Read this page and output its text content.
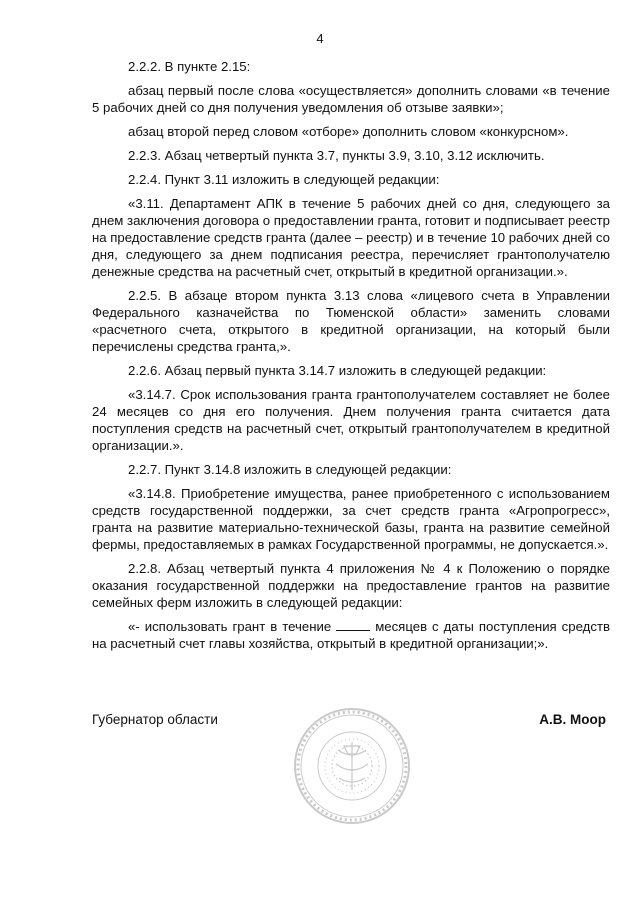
4

2.2.2. В пункте 2.15:

абзац первый после слова «осуществляется» дополнить словами «в течение 5 рабочих дней со дня получения уведомления об отзыве заявки»;

абзац второй перед словом «отборе» дополнить словом «конкурсном».

2.2.3. Абзац четвертый пункта 3.7, пункты 3.9, 3.10, 3.12 исключить.

2.2.4. Пункт 3.11 изложить в следующей редакции:

«3.11. Департамент АПК в течение 5 рабочих дней со дня, следующего за днем заключения договора о предоставлении гранта, готовит и подписывает реестр на предоставление средств гранта (далее – реестр) и в течение 10 рабочих дней со дня, следующего за днем подписания реестра, перечисляет грантополучателю денежные средства на расчетный счет, открытый в кредитной организации.».

2.2.5. В абзаце втором пункта 3.13 слова «лицевого счета в Управлении Федерального казначейства по Тюменской области» заменить словами «расчетного счета, открытого в кредитной организации, на который были перечислены средства гранта,».

2.2.6. Абзац первый пункта 3.14.7 изложить в следующей редакции:

«3.14.7. Срок использования гранта грантополучателем составляет не более 24 месяцев со дня его получения. Днем получения гранта считается дата поступления средств на расчетный счет, открытый грантополучателем в кредитной организации.».

2.2.7. Пункт 3.14.8 изложить в следующей редакции:

«3.14.8. Приобретение имущества, ранее приобретенного с использованием средств государственной поддержки, за счет средств гранта «Агропрогресс», гранта на развитие материально-технической базы, гранта на развитие семейной фермы, предоставляемых в рамках Государственной программы, не допускается.».

2.2.8. Абзац четвертый пункта 4 приложения № 4 к Положению о порядке оказания государственной поддержки на предоставление грантов на развитие семейных ферм изложить в следующей редакции:

«- использовать грант в течение	месяцев с даты поступления средств на расчетный счет главы хозяйства, открытый в кредитной организации;».

Губернатор области	А.В. Моор
